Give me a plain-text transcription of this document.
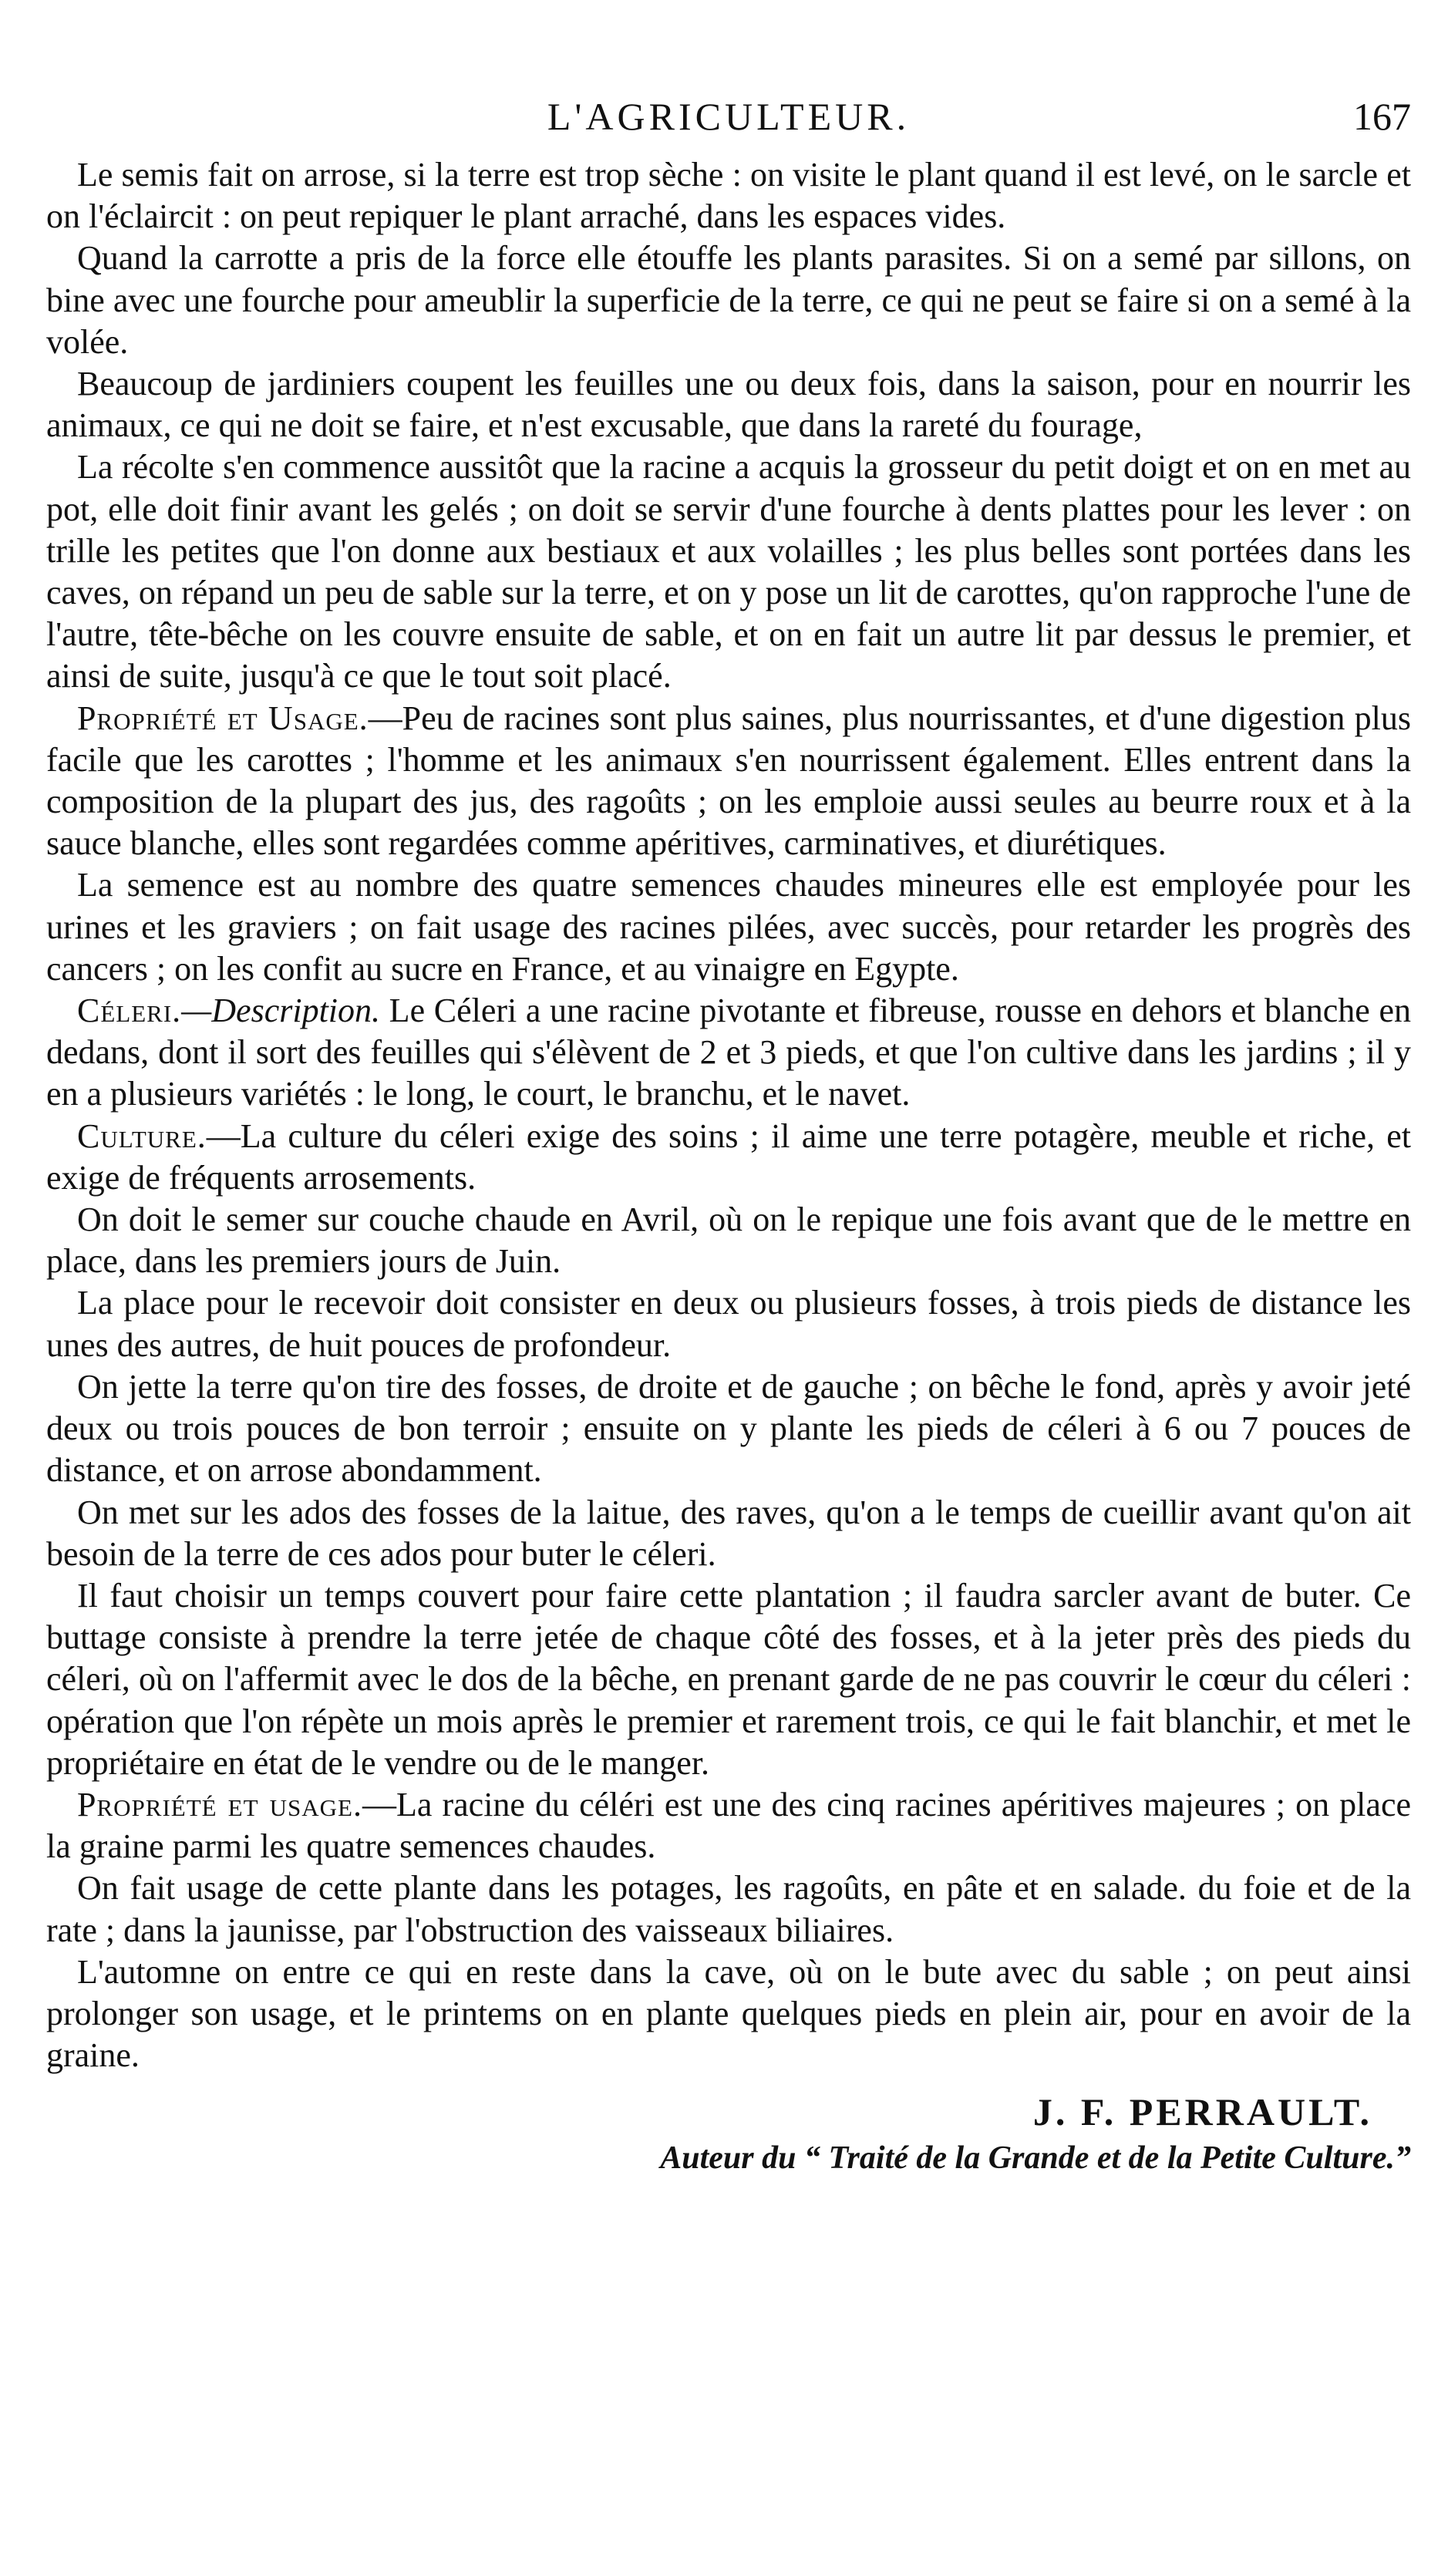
L'AGRICULTEUR.	167

Le semis fait on arrose, si la terre est trop sèche : on visite le plant quand il est levé, on le sarcle et on l'éclaircit : on peut repiquer le plant arraché, dans les espaces vides.

Quand la carrotte a pris de la force elle étouffe les plants parasites. Si on a semé par sillons, on bine avec une fourche pour ameublir la superficie de la terre, ce qui ne peut se faire si on a semé à la volée.

Beaucoup de jardiniers coupent les feuilles une ou deux fois, dans la saison, pour en nourrir les animaux, ce qui ne doit se faire, et n'est excusable, que dans la rareté du fourage,

La récolte s'en commence aussitôt que la racine a acquis la grosseur du petit doigt et on en met au pot, elle doit finir avant les gelés ; on doit se servir d'une fourche à dents plattes pour les lever : on trille les petites que l'on donne aux bestiaux et aux volailles ; les plus belles sont portées dans les caves, on répand un peu de sable sur la terre, et on y pose un lit de carottes, qu'on rapproche l'une de l'autre, tête-bêche on les couvre ensuite de sable, et on en fait un autre lit par dessus le premier, et ainsi de suite, jusqu'à ce que le tout soit placé.

Propriété et Usage.—Peu de racines sont plus saines, plus nourrissantes, et d'une digestion plus facile que les carottes ; l'homme et les animaux s'en nourrissent également. Elles entrent dans la composition de la plupart des jus, des ragoûts ; on les emploie aussi seules au beurre roux et à la sauce blanche, elles sont regardées comme apéritives, carminatives, et diurétiques.

La semence est au nombre des quatre semences chaudes mineures elle est employée pour les urines et les graviers ; on fait usage des racines pilées, avec succès, pour retarder les progrès des cancers ; on les confit au sucre en France, et au vinaigre en Egypte.

Céleri.—Description. Le Céleri a une racine pivotante et fibreuse, rousse en dehors et blanche en dedans, dont il sort des feuilles qui s'élèvent de 2 et 3 pieds, et que l'on cultive dans les jardins ; il y en a plusieurs variétés : le long, le court, le branchu, et le navet.

Culture.—La culture du céleri exige des soins ; il aime une terre potagère, meuble et riche, et exige de fréquents arrosements.

On doit le semer sur couche chaude en Avril, où on le repique une fois avant que de le mettre en place, dans les premiers jours de Juin.

La place pour le recevoir doit consister en deux ou plusieurs fosses, à trois pieds de distance les unes des autres, de huit pouces de profondeur.

On jette la terre qu'on tire des fosses, de droite et de gauche ; on bêche le fond, après y avoir jeté deux ou trois pouces de bon terroir ; ensuite on y plante les pieds de céleri à 6 ou 7 pouces de distance, et on arrose abondamment.

On met sur les ados des fosses de la laitue, des raves, qu'on a le temps de cueillir avant qu'on ait besoin de la terre de ces ados pour buter le céleri.

Il faut choisir un temps couvert pour faire cette plantation ; il faudra sarcler avant de buter. Ce buttage consiste à prendre la terre jetée de chaque côté des fosses, et à la jeter près des pieds du céleri, où on l'affermit avec le dos de la bêche, en prenant garde de ne pas couvrir le cœur du céleri : opération que l'on répète un mois après le premier et rarement trois, ce qui le fait blanchir, et met le propriétaire en état de le vendre ou de le manger.

Propriété et usage.—La racine du céléri est une des cinq racines apéritives majeures ; on place la graine parmi les quatre semences chaudes.

On fait usage de cette plante dans les potages, les ragoûts, en pâte et en salade. du foie et de la rate ; dans la jaunisse, par l'obstruction des vaisseaux biliaires.

L'automne on entre ce qui en reste dans la cave, où on le bute avec du sable ; on peut ainsi prolonger son usage, et le printems on en plante quelques pieds en plein air, pour en avoir de la graine.

J. F. PERRAULT.
Auteur du “ Traité de la Grande et de la Petite Culture.”
